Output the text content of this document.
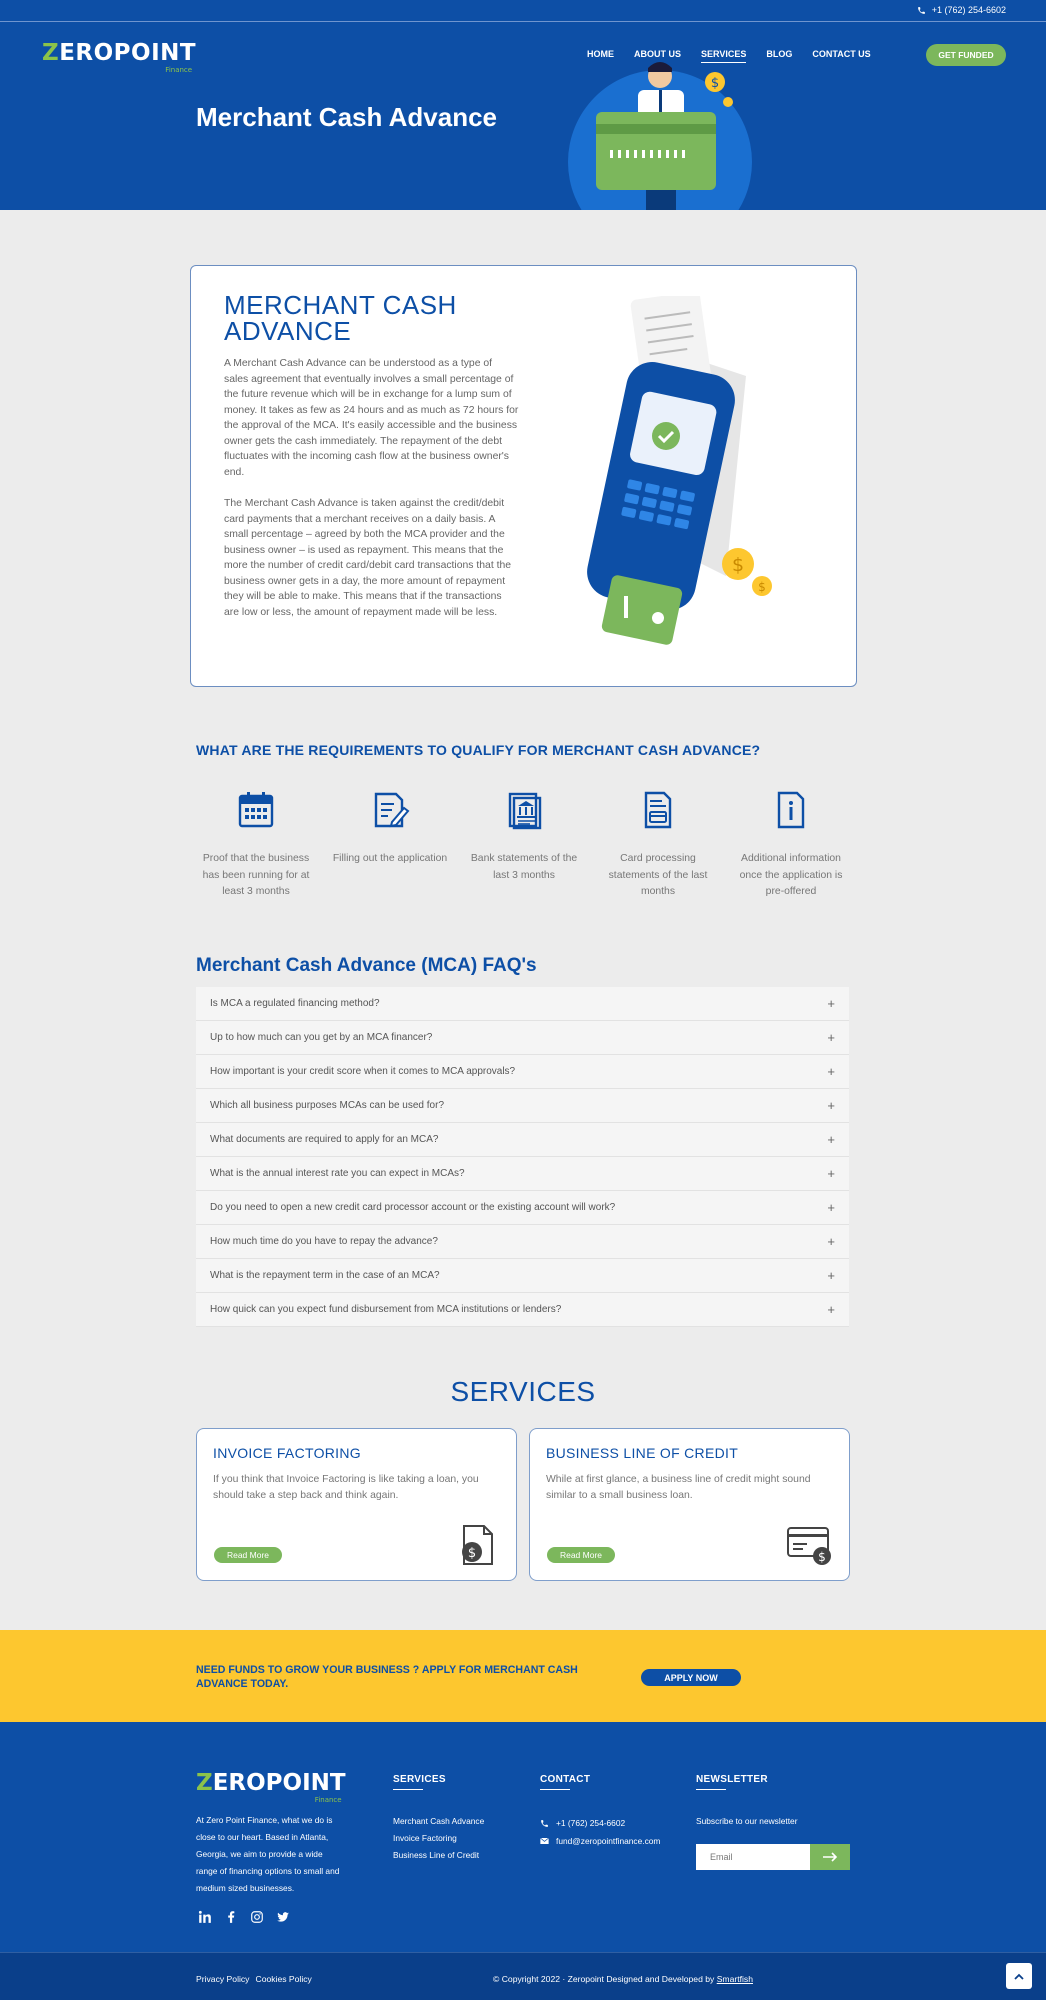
+1 (762) 254-6602
ZEROPOINT
Finance
$
HOME ABOUT US SERVICES BLOG CONTACT US	GET FUNDED
Merchant Cash Advance
MERCHANT CASH ADVANCE

A Merchant Cash Advance can be understood as a type of sales agreement that eventually involves a small percentage of the future revenue which will be in exchange for a lump sum of money. It takes as few as 24 hours and as much as 72 hours for the approval of the MCA. It's easily accessible and the business owner gets the cash immediately. The repayment of the debt fluctuates with the incoming cash flow at the business owner's end.

The Merchant Cash Advance is taken against the credit/debit card payments that a merchant receives on a daily basis. A small percentage – agreed by both the MCA provider and the business owner – is used as repayment. This means that the more the number of credit card/debit card transactions that the business owner gets in a day, the more amount of repayment they will be able to make. This means that if the transactions are low or less, the amount of repayment made will be less.

$
$
WHAT ARE THE REQUIREMENTS TO QUALIFY FOR MERCHANT CASH ADVANCE?
Proof that the business has been running for at least 3 months
Filling out the application	Bank statements of the last 3 months
Card processing statements of the last months
Additional information once the application is pre-offered
Merchant Cash Advance (MCA) FAQ's
Is MCA a regulated financing method?	+
Up to how much can you get by an MCA financer?	+
How important is your credit score when it comes to MCA approvals?	+
Which all business purposes MCAs can be used for?	+
What documents are required to apply for an MCA?	+
What is the annual interest rate you can expect in MCAs?	+
Do you need to open a new credit card processor account or the existing account will work?	+
How much time do you have to repay the advance?	+
What is the repayment term in the case of an MCA?	+
How quick can you expect fund disbursement from MCA institutions or lenders?	+
SERVICES
INVOICE FACTORING
If you think that Invoice Factoring is like taking a loan, you should take a step back and think again.
Read More	$
BUSINESS LINE OF CREDIT
While at first glance, a business line of credit might sound similar to a small business loan.
Read More	$
NEED FUNDS TO GROW YOUR BUSINESS ? APPLY FOR MERCHANT CASH ADVANCE TODAY.
APPLY NOW
ZEROPOINT
Finance
At Zero Point Finance, what we do is close to our heart. Based in Atlanta, Georgia, we aim to provide a wide range of financing options to small and medium sized businesses.
SERVICES
Merchant Cash Advance
Invoice Factoring
Business Line of Credit
CONTACT
+1 (762) 254-6602
fund@zeropointfinance.com
NEWSLETTER
Subscribe to our newsletter
Email
Privacy Policy Cookies Policy	© Copyright 2022 · Zeropoint Designed and Developed by Smartfish
